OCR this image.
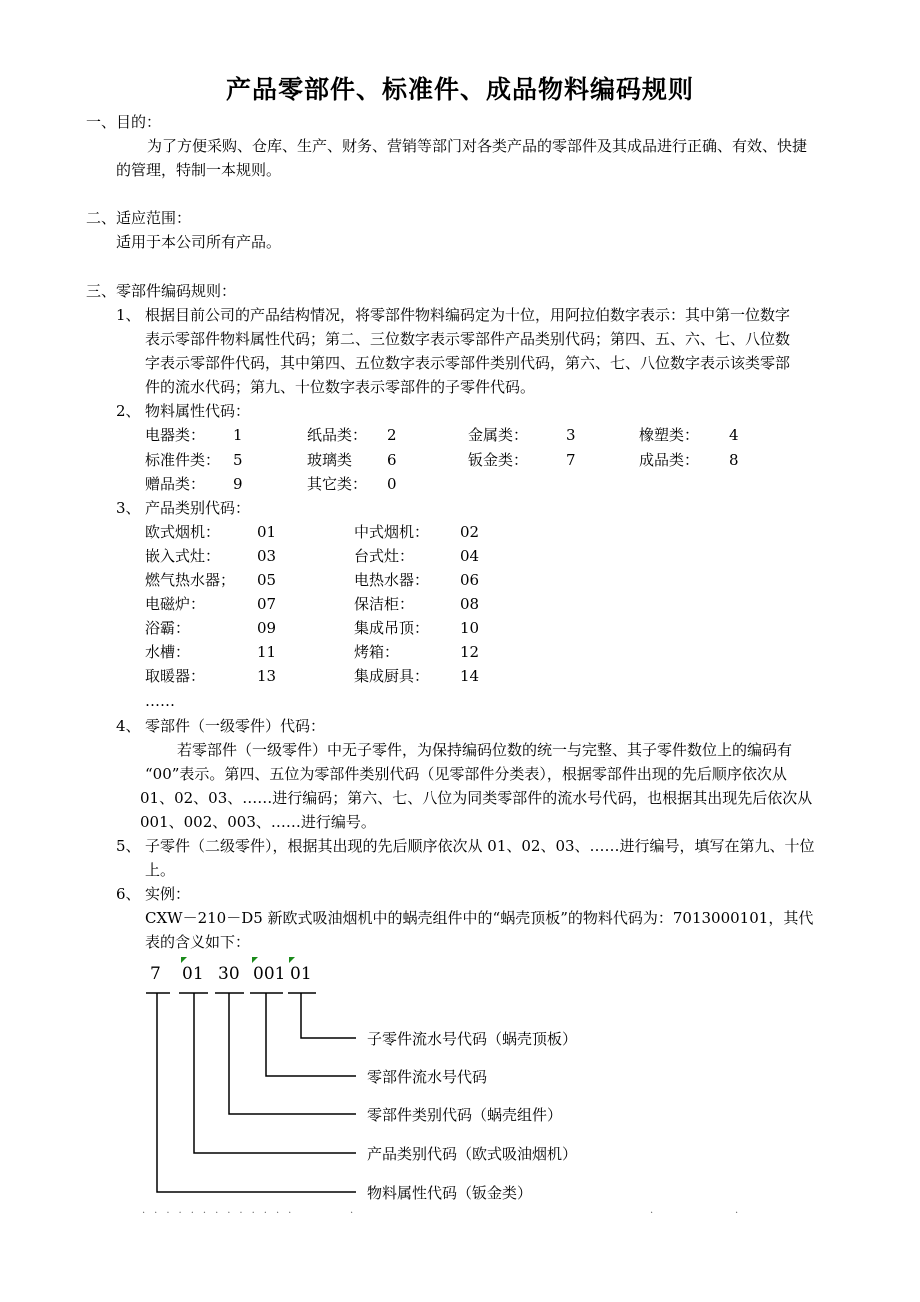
产品零部件、标准件、成品物料编码规则
一、目的：
为了方便采购、仓库、生产、财务、营销等部门对各类产品的零部件及其成品进行正确、有效、快捷
的管理，特制一本规则。
二、适应范围：
适用于本公司所有产品。
三、零部件编码规则：
1、 根据目前公司的产品结构情况，将零部件物料编码定为十位，用阿拉伯数字表示：其中第一位数字
表示零部件物料属性代码；第二、三位数字表示零部件产品类别代码；第四、五、六、七、八位数
字表示零部件代码，其中第四、五位数字表示零部件类别代码，第六、七、八位数字表示该类零部
件的流水代码；第九、十位数字表示零部件的子零件代码。
2、 物料属性代码：
电器类： 1	纸品类： 2	金属类：	3	橡塑类： 4
标准件类： 5	玻璃类 6	钣金类：	7	成品类： 8
赠品类： 9	其它类： 0
3、 产品类别代码：
欧式烟机： 01	中式烟机： 02
嵌入式灶： 03	台式灶：	04
燃气热水器； 05	电热水器： 06
电磁炉：	07	保洁柜：	08
浴霸：	09	集成吊顶： 10
水槽：	11	烤箱：	12
取暖器：	13	集成厨具： 14
……
4、 零部件（一级零件）代码：
若零部件（一级零件）中无子零件，为保持编码位数的统一与完整、其子零件数位上的编码有
“00”表示。第四、五位为零部件类别代码（见零部件分类表），根据零部件出现的先后顺序依次从
01、02、03、……进行编码；第六、七、八位为同类零部件的流水号代码，也根据其出现先后依次从
001、002、003、……进行编号。
5、 子零件（二级零件），根据其出现的先后顺序依次从 01、02、03、……进行编号，填写在第九、十位
上。
6、 实例：
CXW－210－D5 新欧式吸油烟机中的蜗壳组件中的“蜗壳顶板”的物料代码为：7013000101，其代
表的含义如下：
7 01 30 001 01
子零件流水号代码（蜗壳顶板）
零部件流水号代码
零部件类别代码（蜗壳组件）
产品类别代码（欧式吸油烟机）
物料属性代码（钣金类）
.............	.	.	.
